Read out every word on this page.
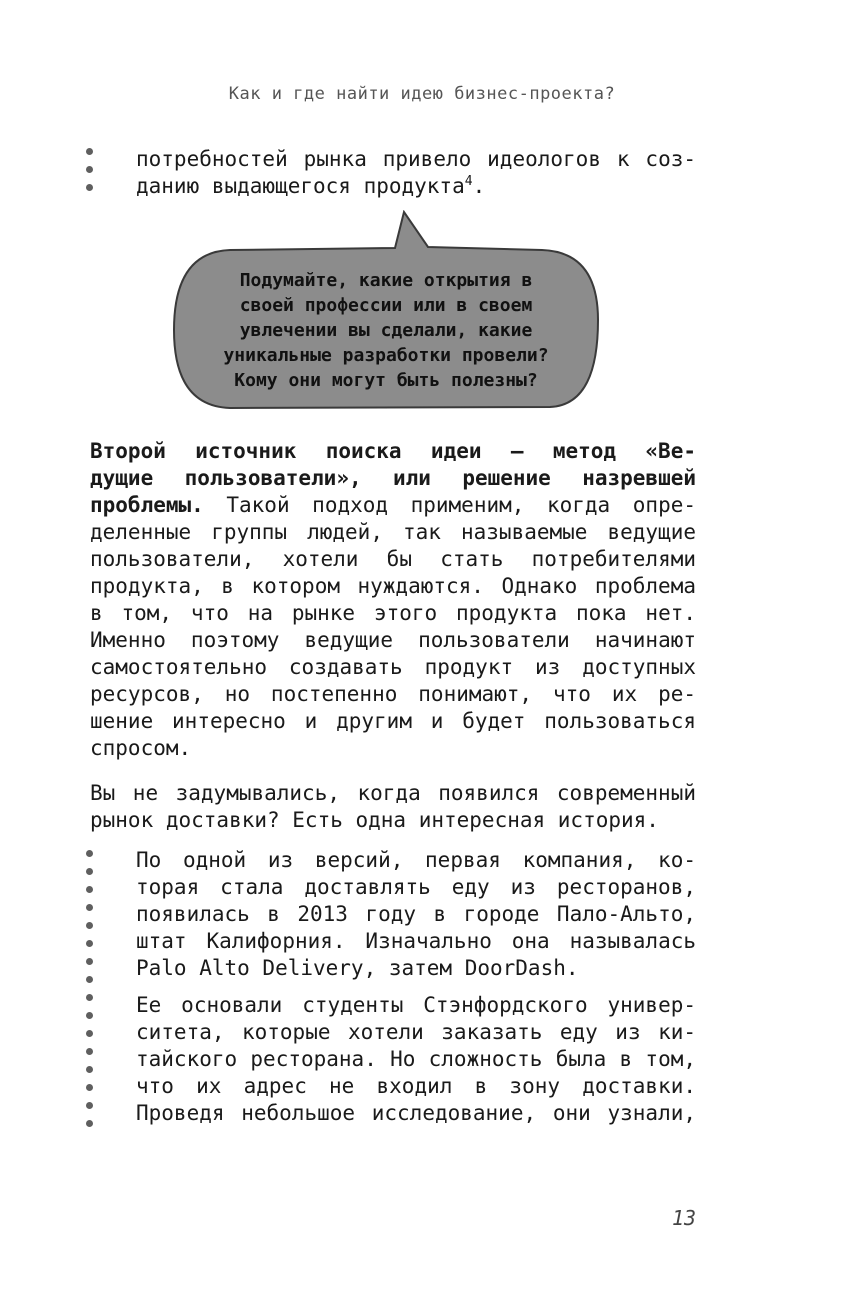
Как и где найти идею бизнес-проекта?
потребностей рынка привело идеологов к соз-
данию выдающегося продукта$^4$.
Подумайте, какие открытия в
своей профессии или в своем
увлечении вы сделали, какие
уникальные разработки провели?
Кому они могут быть полезны?
Второй источник поиска идеи — метод «Ве-
дущие пользователи», или решение назревшей
проблемы. Такой подход применим, когда опре-
деленные группы людей, так называемые ведущие
пользователи, хотели бы стать потребителями
продукта, в котором нуждаются. Однако проблема
в том, что на рынке этого продукта пока нет.
Именно поэтому ведущие пользователи начинают
самостоятельно создавать продукт из доступных
ресурсов, но постепенно понимают, что их ре-
шение интересно и другим и будет пользоваться
спросом.
Вы не задумывались, когда появился современный
рынок доставки? Есть одна интересная история.
По одной из версий, первая компания, ко-
торая стала доставлять еду из ресторанов,
появилась в 2013 году в городе Пало-Альто,
штат Калифорния. Изначально она называлась
Palo Alto Delivery, затем DoorDash.
Ее основали студенты Стэнфордского универ-
ситета, которые хотели заказать еду из ки-
тайского ресторана. Но сложность была в том,
что их адрес не входил в зону доставки.
Проведя небольшое исследование, они узнали,
13
